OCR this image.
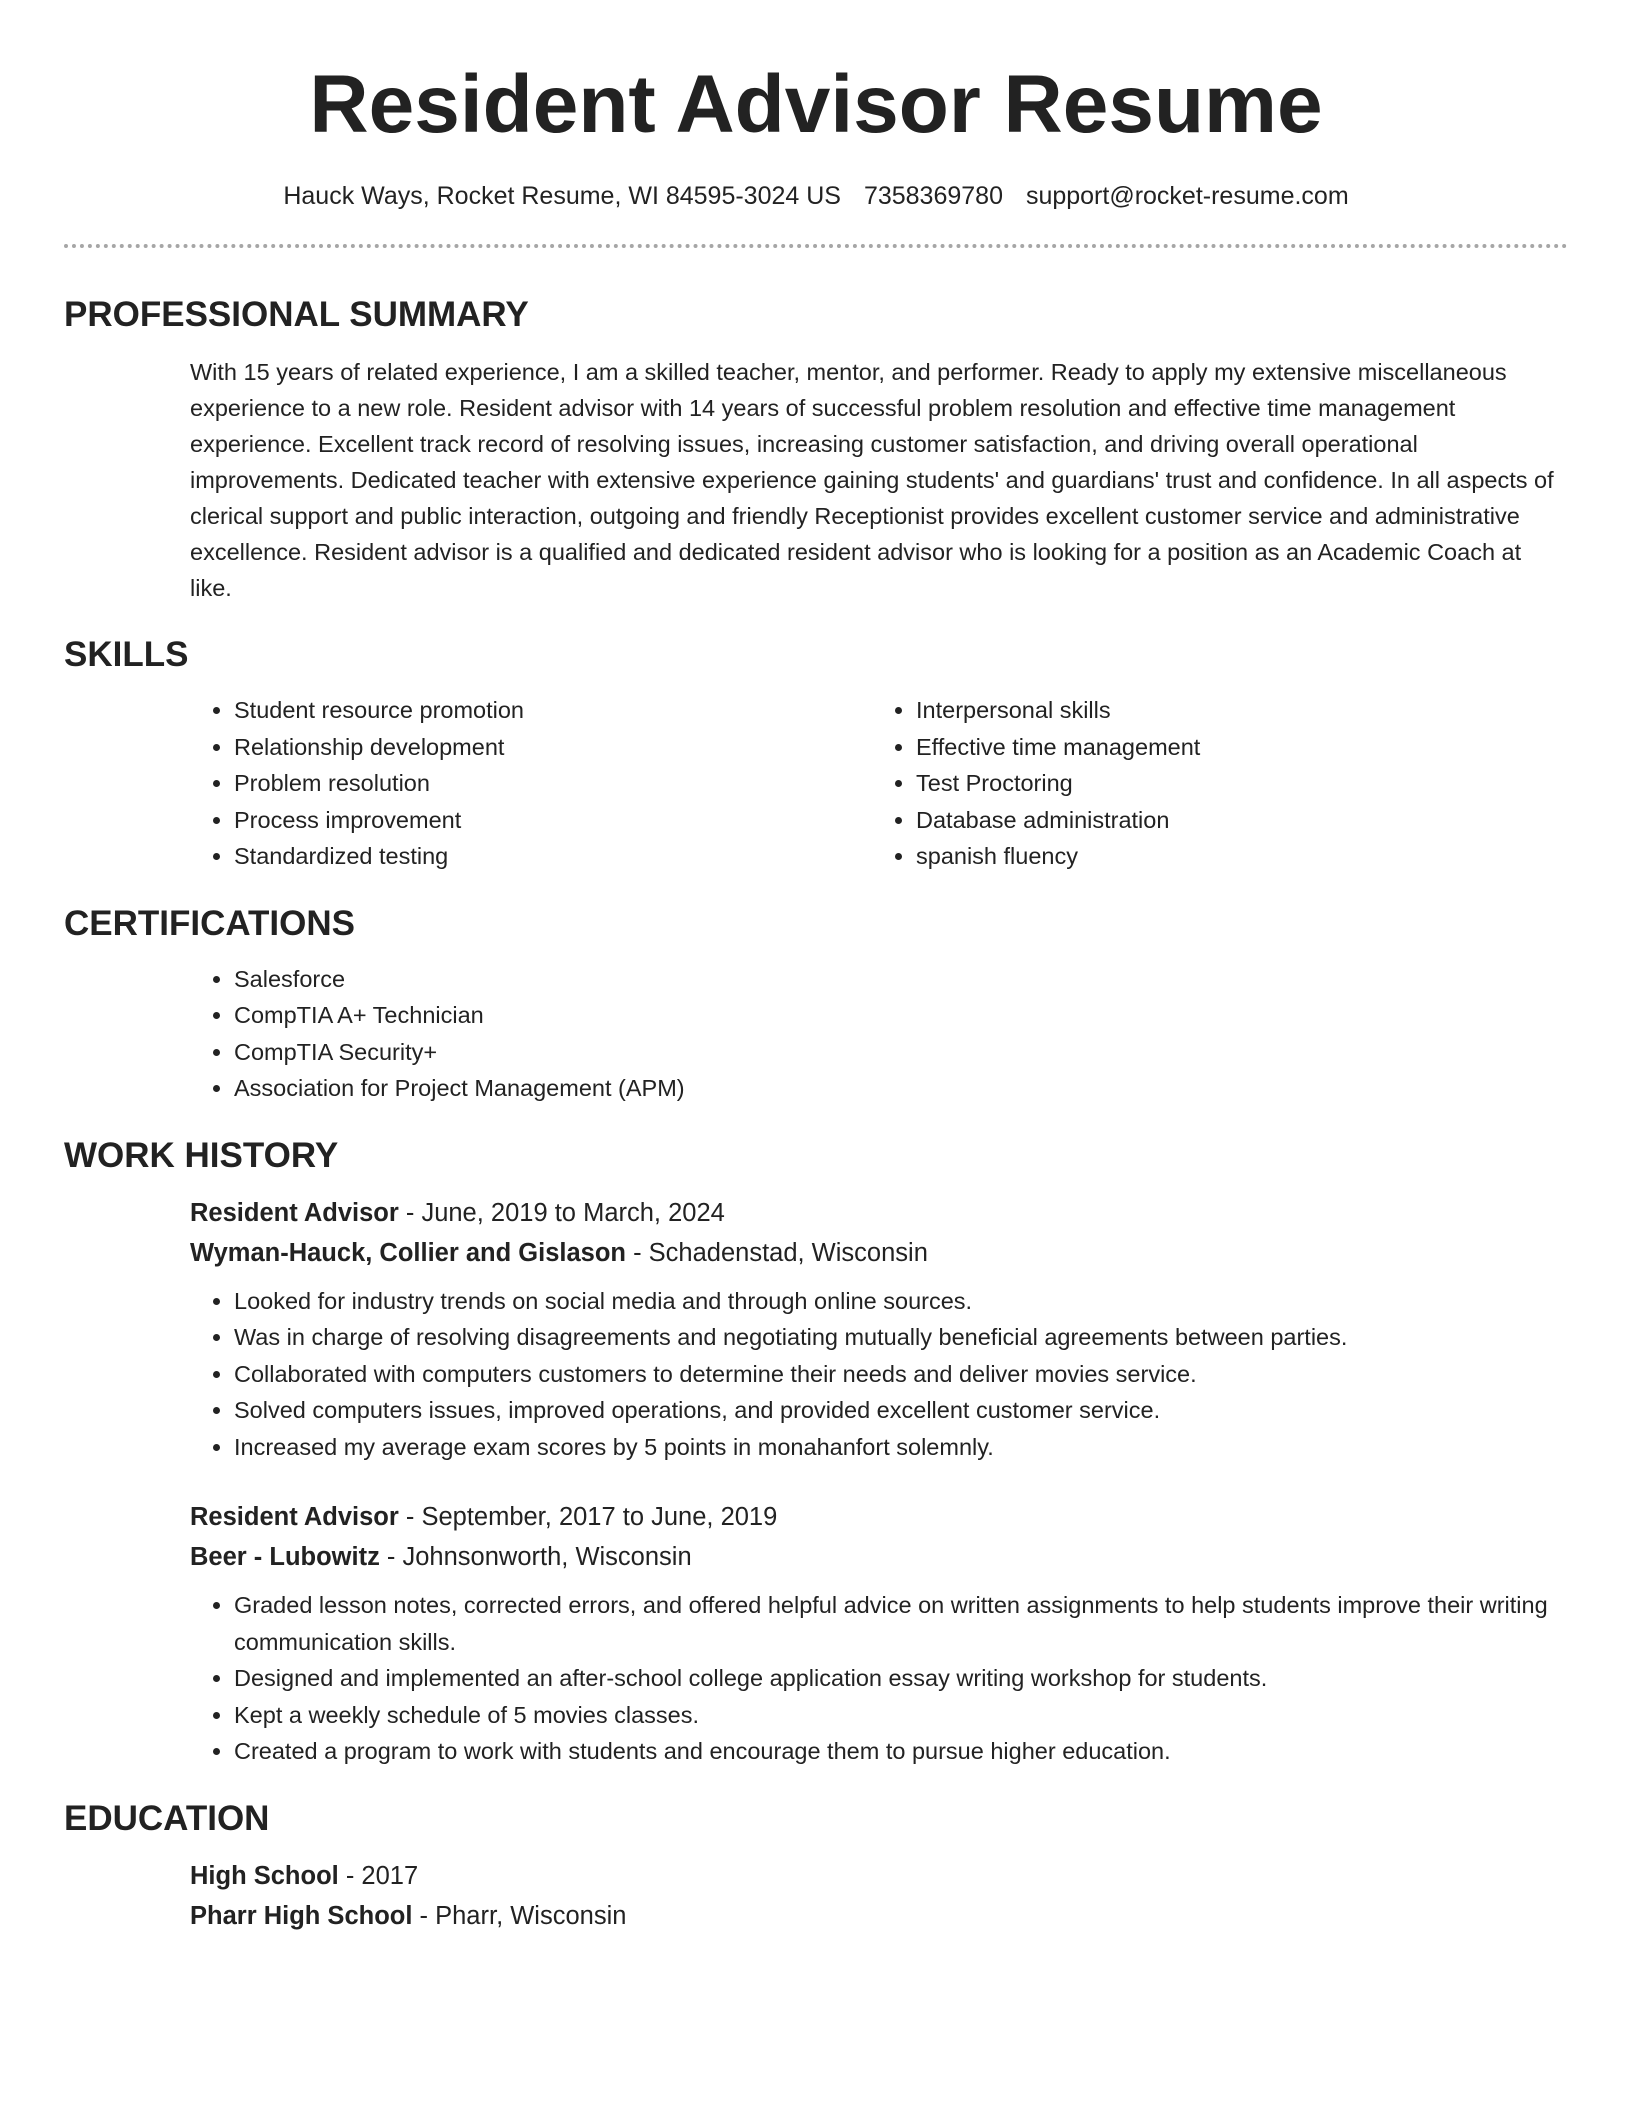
Resident Advisor Resume
Hauck Ways, Rocket Resume, WI 84595-3024 US 7358369780 support@rocket-resume.com
PROFESSIONAL SUMMARY
With 15 years of related experience, I am a skilled teacher, mentor, and performer. Ready to apply my extensive miscellaneous experience to a new role. Resident advisor with 14 years of successful problem resolution and effective time management experience. Excellent track record of resolving issues, increasing customer satisfaction, and driving overall operational improvements. Dedicated teacher with extensive experience gaining students' and guardians' trust and confidence. In all aspects of clerical support and public interaction, outgoing and friendly Receptionist provides excellent customer service and administrative excellence. Resident advisor is a qualified and dedicated resident advisor who is looking for a position as an Academic Coach at like.
SKILLS
• Student resource promotion
• Relationship development
• Problem resolution
• Process improvement
• Standardized testing
• Interpersonal skills
• Effective time management
• Test Proctoring
• Database administration
• spanish fluency
CERTIFICATIONS
• Salesforce
• CompTIA A+ Technician
• CompTIA Security+
• Association for Project Management (APM)
WORK HISTORY
Resident Advisor - June, 2019 to March, 2024
Wyman-Hauck, Collier and Gislason - Schadenstad, Wisconsin
• Looked for industry trends on social media and through online sources.
• Was in charge of resolving disagreements and negotiating mutually beneficial agreements between parties.
• Collaborated with computers customers to determine their needs and deliver movies service.
• Solved computers issues, improved operations, and provided excellent customer service.
• Increased my average exam scores by 5 points in monahanfort solemnly.
Resident Advisor - September, 2017 to June, 2019
Beer - Lubowitz - Johnsonworth, Wisconsin
• Graded lesson notes, corrected errors, and offered helpful advice on written assignments to help students improve their writing communication skills.
• Designed and implemented an after-school college application essay writing workshop for students.
• Kept a weekly schedule of 5 movies classes.
• Created a program to work with students and encourage them to pursue higher education.
EDUCATION
High School - 2017
Pharr High School - Pharr, Wisconsin
